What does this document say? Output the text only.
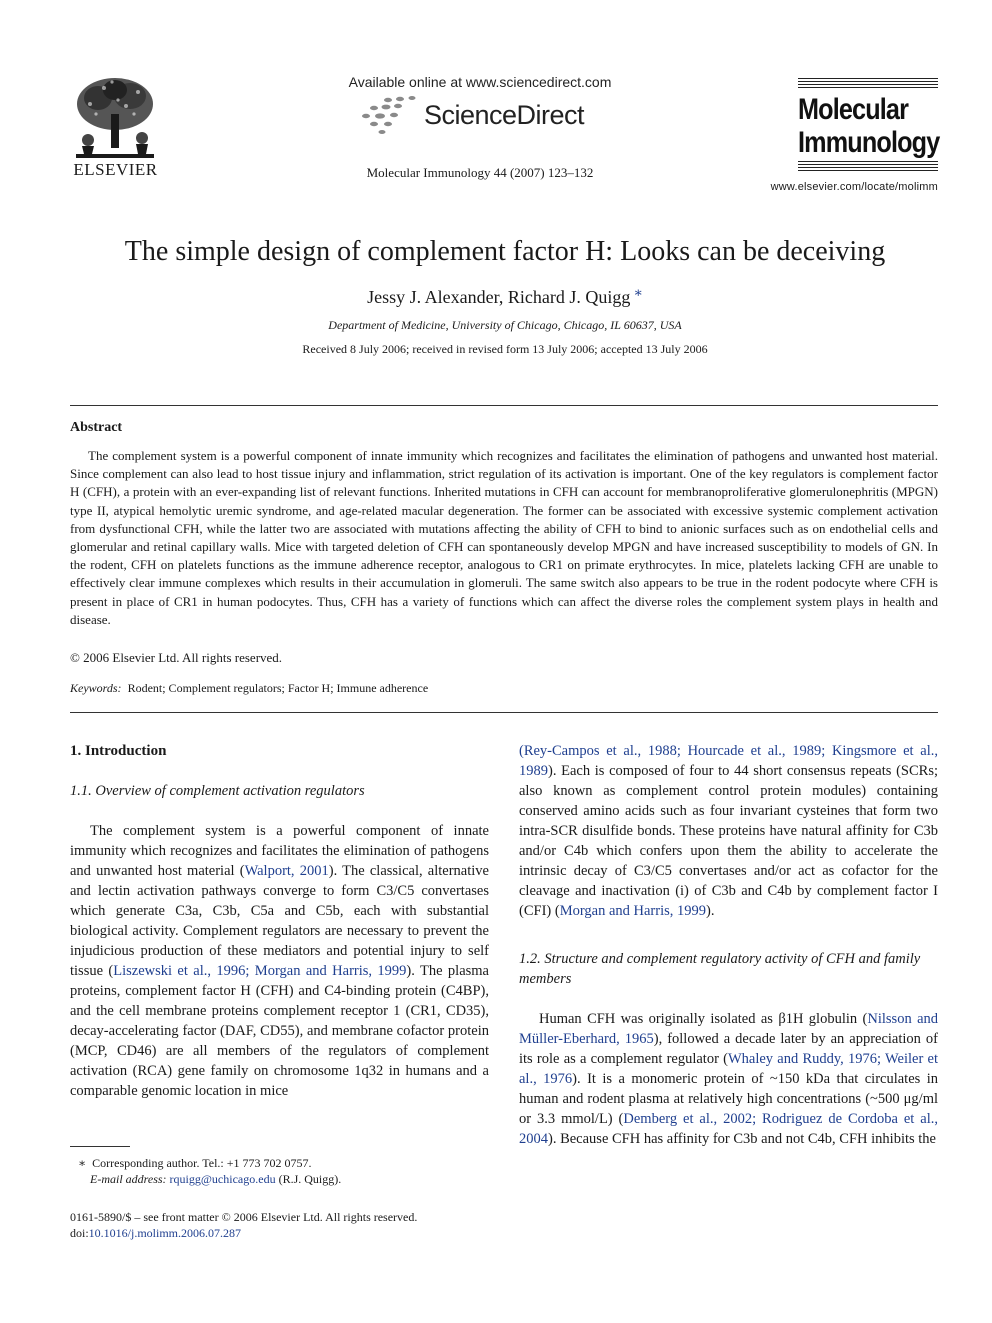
ELSEVIER
Available online at www.sciencedirect.com
ScienceDirect
Molecular Immunology 44 (2007) 123–132
Molecular
Immunology
www.elsevier.com/locate/molimm
The simple design of complement factor H: Looks can be deceiving
Jessy J. Alexander, Richard J. Quigg ∗
Department of Medicine, University of Chicago, Chicago, IL 60637, USA
Received 8 July 2006; received in revised form 13 July 2006; accepted 13 July 2006
Abstract

The complement system is a powerful component of innate immunity which recognizes and facilitates the elimination of pathogens and unwanted host material. Since complement can also lead to host tissue injury and inflammation, strict regulation of its activation is important. One of the key regulators is complement factor H (CFH), a protein with an ever-expanding list of relevant functions. Inherited mutations in CFH can account for membranoproliferative glomerulonephritis (MPGN) type II, atypical hemolytic uremic syndrome, and age-related macular degeneration. The former can be associated with excessive systemic complement activation from dysfunctional CFH, while the latter two are associated with mutations affecting the ability of CFH to bind to anionic surfaces such as on endothelial cells and glomerular and retinal capillary walls. Mice with targeted deletion of CFH can spontaneously develop MPGN and have increased susceptibility to models of GN. In the rodent, CFH on platelets functions as the immune adherence receptor, analogous to CR1 on primate erythrocytes. In mice, platelets lacking CFH are unable to effectively clear immune complexes which results in their accumulation in glomeruli. The same switch also appears to be true in the rodent podocyte where CFH is present in place of CR1 in human podocytes. Thus, CFH has a variety of functions which can affect the diverse roles the complement system plays in health and disease.

© 2006 Elsevier Ltd. All rights reserved.
Keywords: Rodent; Complement regulators; Factor H; Immune adherence
1. Introduction
1.1. Overview of complement activation regulators

The complement system is a powerful component of innate immunity which recognizes and facilitates the elimination of pathogens and unwanted host material (Walport, 2001). The classical, alternative and lectin activation pathways converge to form C3/C5 convertases which generate C3a, C3b, C5a and C5b, each with substantial biological activity. Complement regulators are necessary to prevent the injudicious production of these mediators and potential injury to self tissue (Liszewski et al., 1996; Morgan and Harris, 1999). The plasma proteins, complement factor H (CFH) and C4-binding protein (C4BP), and the cell membrane proteins complement receptor 1 (CR1, CD35), decay-accelerating factor (DAF, CD55), and membrane cofactor protein (MCP, CD46) are all members of the regulators of complement activation (RCA) gene family on chromosome 1q32 in humans and a comparable genomic location in mice

(Rey-Campos et al., 1988; Hourcade et al., 1989; Kingsmore et al., 1989). Each is composed of four to 44 short consensus repeats (SCRs; also known as complement control protein modules) containing conserved amino acids such as four invariant cysteines that form two intra-SCR disulfide bonds. These proteins have natural affinity for C3b and/or C4b which confers upon them the ability to accelerate the intrinsic decay of C3/C5 convertases and/or act as cofactor for the cleavage and inactivation (i) of C3b and C4b by complement factor I (CFI) (Morgan and Harris, 1999).

1.2. Structure and complement regulatory activity of CFH and family members

Human CFH was originally isolated as β1H globulin (Nilsson and Müller-Eberhard, 1965), followed a decade later by an appreciation of its role as a complement regulator (Whaley and Ruddy, 1976; Weiler et al., 1976). It is a monomeric protein of ~150 kDa that circulates in human and rodent plasma at relatively high concentrations (~500 μg/ml or 3.3 mmol/L) (Demberg et al., 2002; Rodriguez de Cordoba et al., 2004). Because CFH has affinity for C3b and not C4b, CFH inhibits the

∗ Corresponding author. Tel.: +1 773 702 0757.
E-mail address: rquigg@uchicago.edu (R.J. Quigg).
0161-5890/$ – see front matter © 2006 Elsevier Ltd. All rights reserved.
doi:10.1016/j.molimm.2006.07.287
